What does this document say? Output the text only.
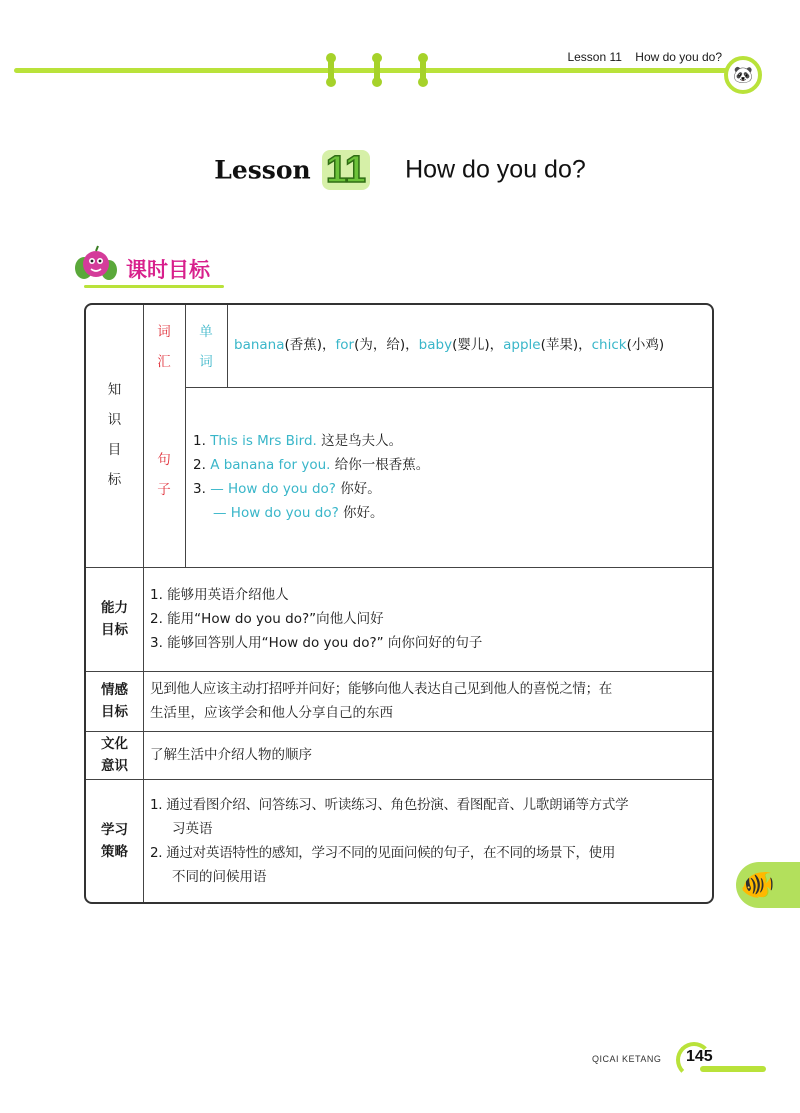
Lesson 11    How do you do?
🐼
Lesson 11 How do you do?
课时目标
知
识
目
标
词
汇
单
词
banana(香蕉)，for(为，给)，baby(婴儿)，apple(苹果)，chick(小鸡)
句
子
1. This is Mrs Bird. 这是鸟夫人。
2. A banana for you. 给你一根香蕉。
3. — How do you do? 你好。
— How do you do? 你好。
能力
目标
1. 能够用英语介绍他人
2. 能用“How do you do?”向他人问好
3. 能够回答别人用“How do you do?” 向你问好的句子
情感
目标
见到他人应该主动打招呼并问好；能够向他人表达自己见到他人的喜悦之情；在
生活里，应该学会和他人分享自己的东西
文化
意识
了解生活中介绍人物的顺序
学习
策略
1. 通过看图介绍、问答练习、听读练习、角色扮演、看图配音、儿歌朗诵等方式学
习英语
2. 通过对英语特性的感知，学习不同的见面问候的句子，在不同的场景下，使用
不同的问候用语	🐠
QICAI KETANG 145
